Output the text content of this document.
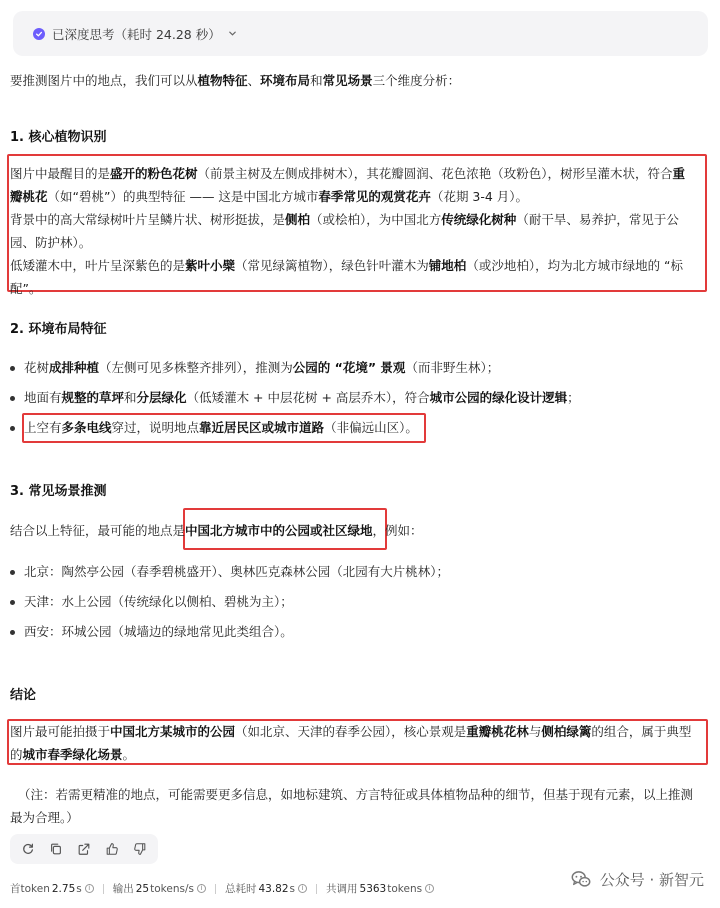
已深度思考（耗时 24.28 秒）
要推测图片中的地点，我们可以从植物特征、环境布局和常见场景三个维度分析：
1. 核心植物识别
图片中最醒目的是盛开的粉色花树（前景主树及左侧成排树木），其花瓣圆润、花色浓艳（玫粉色），树形呈灌木状，符合重
瓣桃花（如“碧桃”）的典型特征 —— 这是中国北方城市春季常见的观赏花卉（花期 3-4 月）。
背景中的高大常绿树叶片呈鳞片状、树形挺拔，是侧柏（或桧柏），为中国北方传统绿化树种（耐干旱、易养护，常见于公
园、防护林）。
低矮灌木中，叶片呈深紫色的是紫叶小檗（常见绿篱植物），绿色针叶灌木为铺地柏（或沙地柏），均为北方城市绿地的 “标
配”。
2. 环境布局特征
花树成排种植（左侧可见多株整齐排列），推测为公园的 “花境” 景观（而非野生林）；
地面有规整的草坪和分层绿化（低矮灌木 + 中层花树 + 高层乔木），符合城市公园的绿化设计逻辑；
上空有多条电线穿过，说明地点靠近居民区或城市道路（非偏远山区）。
3. 常见场景推测
结合以上特征，最可能的地点是中国北方城市中的公园或社区绿地，例如：
北京：陶然亭公园（春季碧桃盛开）、奥林匹克森林公园（北园有大片桃林）；
天津：水上公园（传统绿化以侧柏、碧桃为主）；
西安：环城公园（城墙边的绿地常见此类组合）。
结论
图片最可能拍摄于中国北方某城市的公园（如北京、天津的春季公园），核心景观是重瓣桃花林与侧柏绿篱的组合，属于典型
的城市春季绿化场景。
（注：若需更精准的地点，可能需要更多信息，如地标建筑、方言特征或具体植物品种的细节，但基于现有元素，以上推测
最为合理。）
首token 2.75 s i	输出 25 tokens/s i	总耗时 43.82 s i	共调用 5363 tokens i	公众号 · 新智元
